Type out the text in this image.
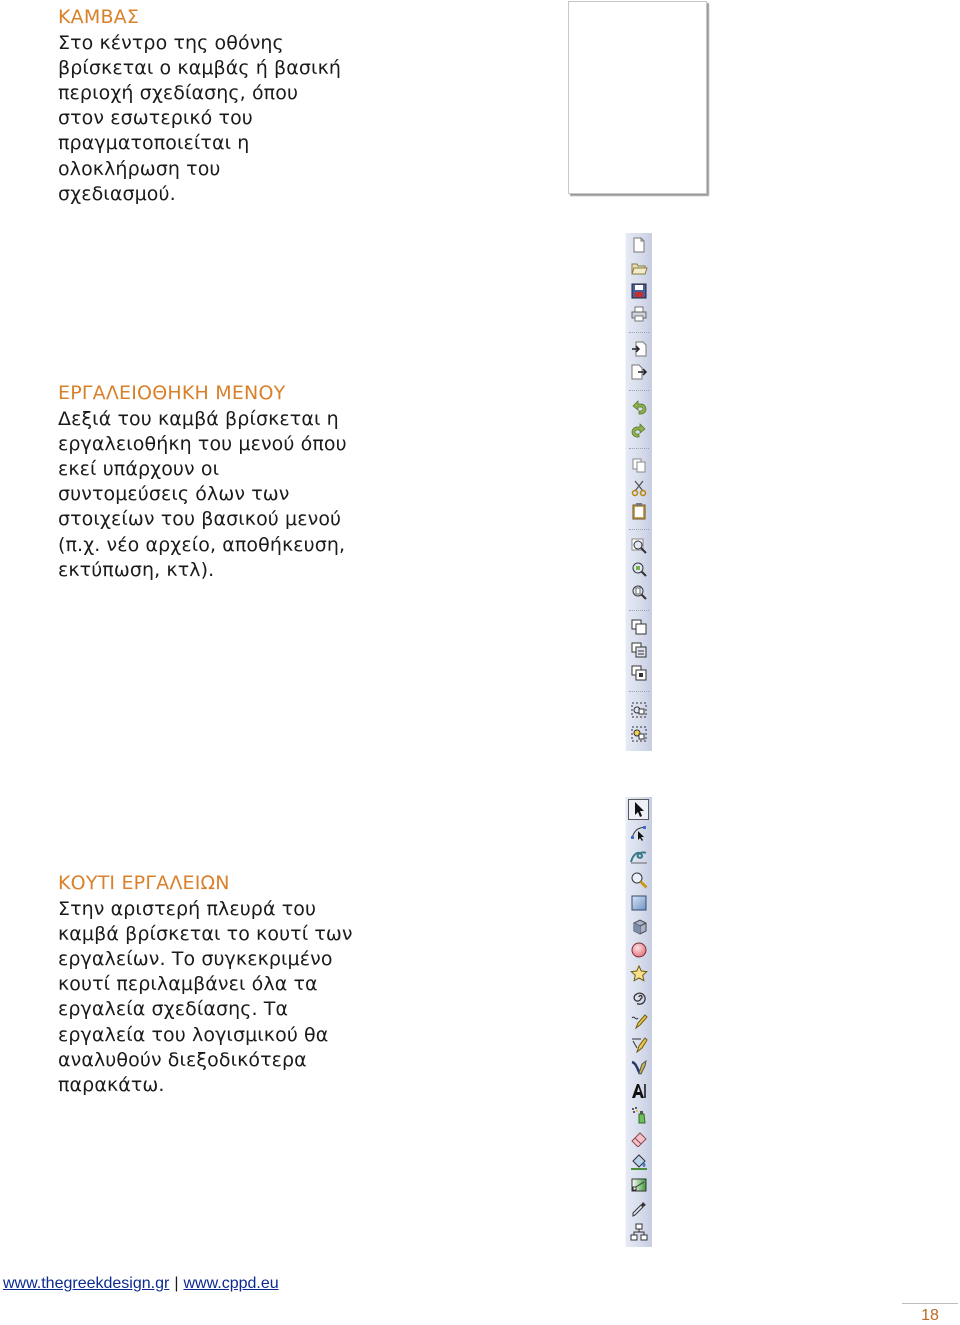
ΚΑΜΒΑΣ

Στο κέντρο της οθόνης
βρίσκεται ο καμβάς ή βασική
περιοχή σχεδίασης, όπου
στον εσωτερικό του
πραγματοποιείται η
ολοκλήρωση του
σχεδιασμού.

ΕΡΓΑΛΕΙΟΘΗΚΗ ΜΕΝΟΥ

Δεξιά του καμβά βρίσκεται η
εργαλειοθήκη του μενού όπου
εκεί υπάρχουν οι
συντομεύσεις όλων των
στοιχείων του βασικού μενού
(π.χ. νέο αρχείο, αποθήκευση,
εκτύπωση, κτλ).

ΚΟΥΤΙ ΕΡΓΑΛΕΙΩΝ

Στην αριστερή πλευρά του
καμβά βρίσκεται το κουτί των
εργαλείων. Το συγκεκριμένο
κουτί περιλαμβάνει όλα τα
εργαλεία σχεδίασης. Τα
εργαλεία του λογισμικού θα
αναλυθούν διεξοδικότερα
παρακάτω.

www.thegreekdesign.gr | www.cppd.eu
18
